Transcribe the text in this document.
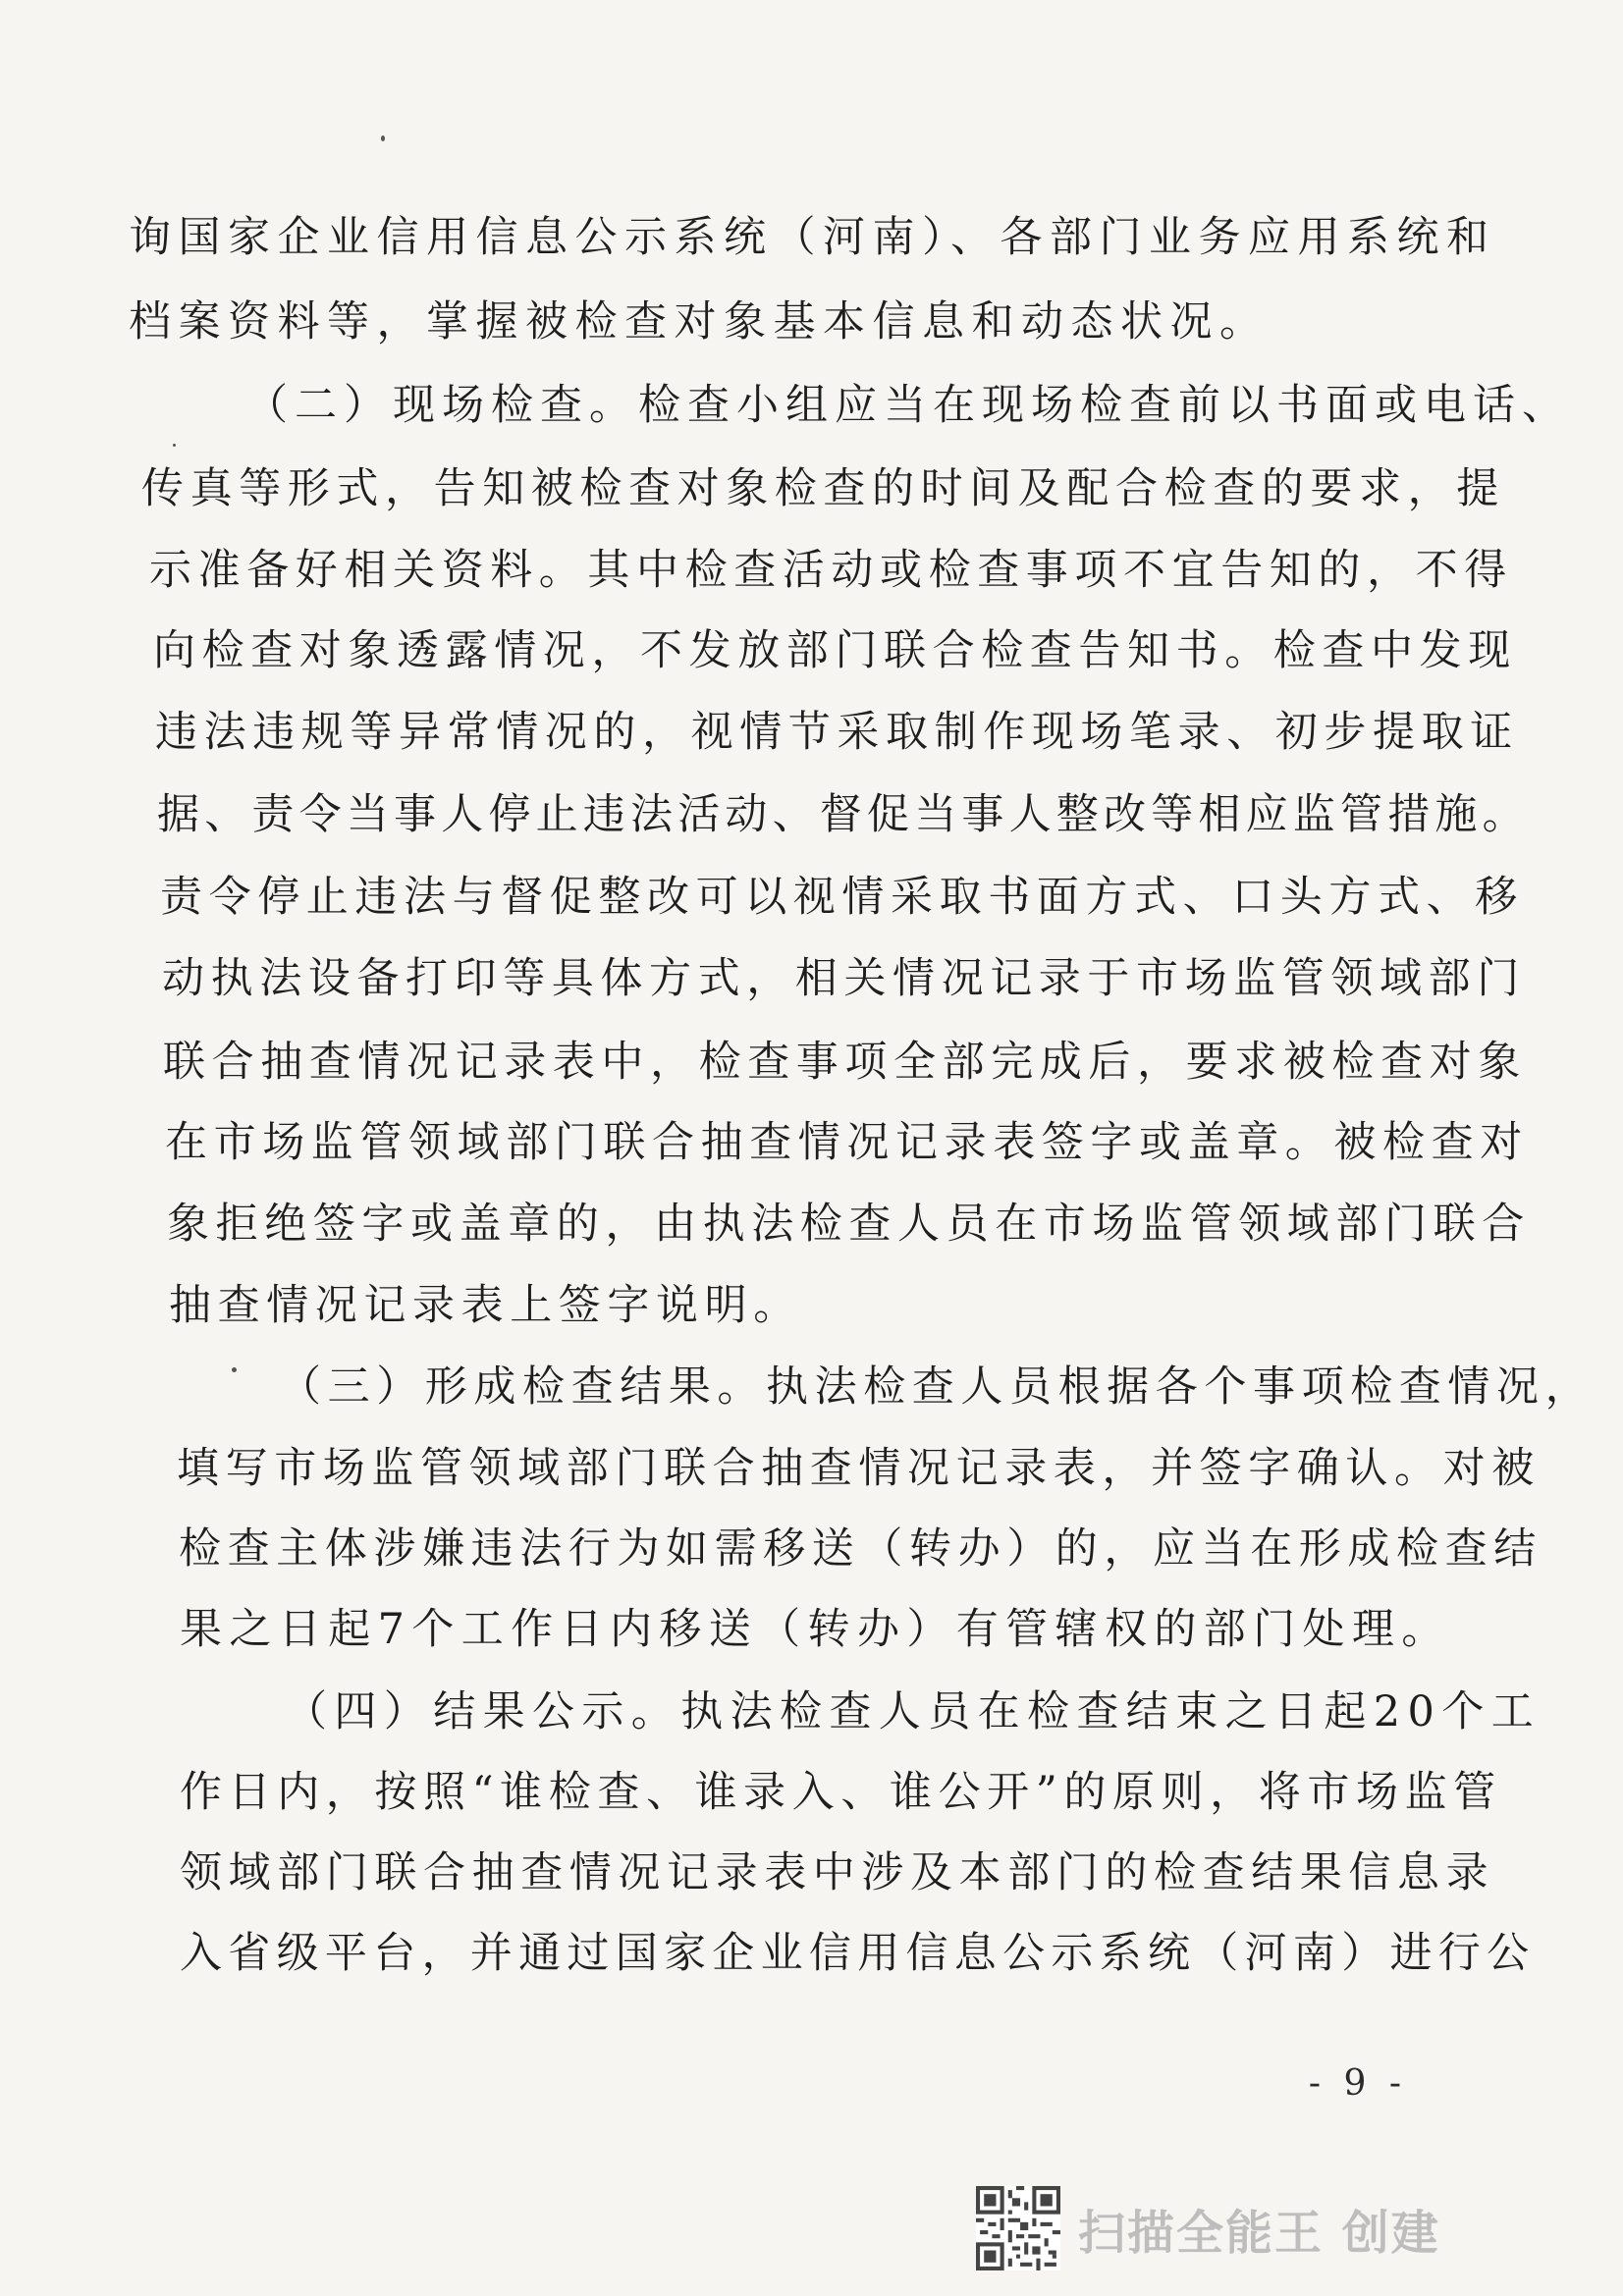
询国家企业信用信息公示系统（河南）、各部门业务应用系统和
档案资料等，掌握被检查对象基本信息和动态状况。
（二）现场检查。检查小组应当在现场检查前以书面或电话、
传真等形式，告知被检查对象检查的时间及配合检查的要求，提
示准备好相关资料。其中检查活动或检查事项不宜告知的，不得
向检查对象透露情况，不发放部门联合检查告知书。检查中发现
违法违规等异常情况的，视情节采取制作现场笔录、初步提取证
据、责令当事人停止违法活动、督促当事人整改等相应监管措施。
责令停止违法与督促整改可以视情采取书面方式、口头方式、移
动执法设备打印等具体方式，相关情况记录于市场监管领域部门
联合抽查情况记录表中，检查事项全部完成后，要求被检查对象
在市场监管领域部门联合抽查情况记录表签字或盖章。被检查对
象拒绝签字或盖章的，由执法检查人员在市场监管领域部门联合
抽查情况记录表上签字说明。
（三）形成检查结果。执法检查人员根据各个事项检查情况，
填写市场监管领域部门联合抽查情况记录表，并签字确认。对被
检查主体涉嫌违法行为如需移送（转办）的，应当在形成检查结
果之日起7个工作日内移送（转办）有管辖权的部门处理。
（四）结果公示。执法检查人员在检查结束之日起20个工
作日内，按照“谁检查、谁录入、谁公开”的原则，将市场监管
领域部门联合抽查情况记录表中涉及本部门的检查结果信息录
入省级平台，并通过国家企业信用信息公示系统（河南）进行公
- 9 -
扫描全能王 创建
